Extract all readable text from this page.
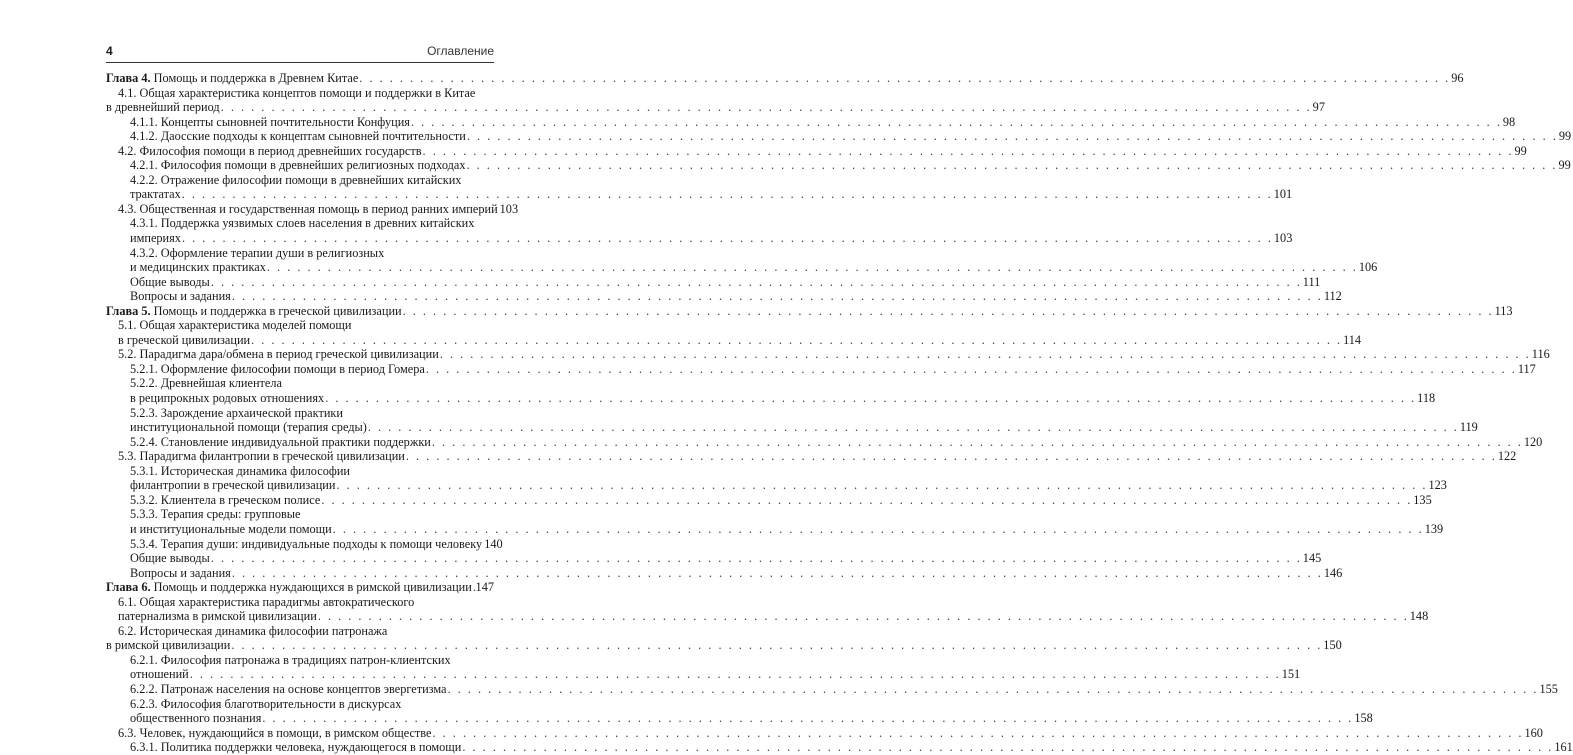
4	Оглавление
Глава 4. Помощь и поддержка в Древнем Китае . . .	96
4.1. Общая характеристика концептов помощи и поддержки в Китае
в древнейший период . . .	97
4.1.1. Концепты сыновней почтительности Конфуция . . .	98
4.1.2. Даосские подходы к концептам сыновней почтительности . . .	99
4.2. Философия помощи в период древнейших государств . . .	99
4.2.1. Философия помощи в древнейших религиозных подходах . . .	99
4.2.2. Отражение философии помощи в древнейших китайских
трактатах . . .	101
4.3. Общественная и государственная помощь в период ранних империй 103
4.3.1. Поддержка уязвимых слоев населения в древних китайских
империях . . .	103
4.3.2. Оформление терапии души в религиозных
и медицинских практиках . . .	106
Общие выводы . . .	111
Вопросы и задания . . .	112
Глава 5. Помощь и поддержка в греческой цивилизации . . .	113
5.1. Общая характеристика моделей помощи
в греческой цивилизации . . .	114
5.2. Парадигма дара/обмена в период греческой цивилизации . . .	116
5.2.1. Оформление философии помощи в период Гомера . . .	117
5.2.2. Древнейшая клиентела
в реципрокных родовых отношениях . . .	118
5.2.3. Зарождение архаической практики
институциональной помощи (терапия среды) . . .	119
5.2.4. Становление индивидуальной практики поддержки . . .	120
5.3. Парадигма филантропии в греческой цивилизации . . .	122
5.3.1. Историческая динамика философии
филантропии в греческой цивилизации . . .	123
5.3.2. Клиентела в греческом полисе . . .	135
5.3.3. Терапия среды: групповые
и институциональные модели помощи . . .	139
5.3.4. Терапия души: индивидуальные подходы к помощи человеку 140
Общие выводы . . .	145
Вопросы и задания . . .	146
Глава 6. Помощь и поддержка нуждающихся в римской цивилизации . . . 147
6.1. Общая характеристика парадигмы автократического
патернализма в римской цивилизации . . .	148
6.2. Историческая динамика философии патронажа
в римской цивилизации . . .	150
6.2.1. Философия патронажа в традициях патрон-клиентских
отношений . . .	151
6.2.2. Патронаж населения на основе концептов эвергетизма . . .	155
6.2.3. Философия благотворительности в дискурсах
общественного познания . . .	158
6.3. Человек, нуждающийся в помощи, в римском обществе . . .	160
6.3.1. Политика поддержки человека, нуждающегося в помощи . . .	161
